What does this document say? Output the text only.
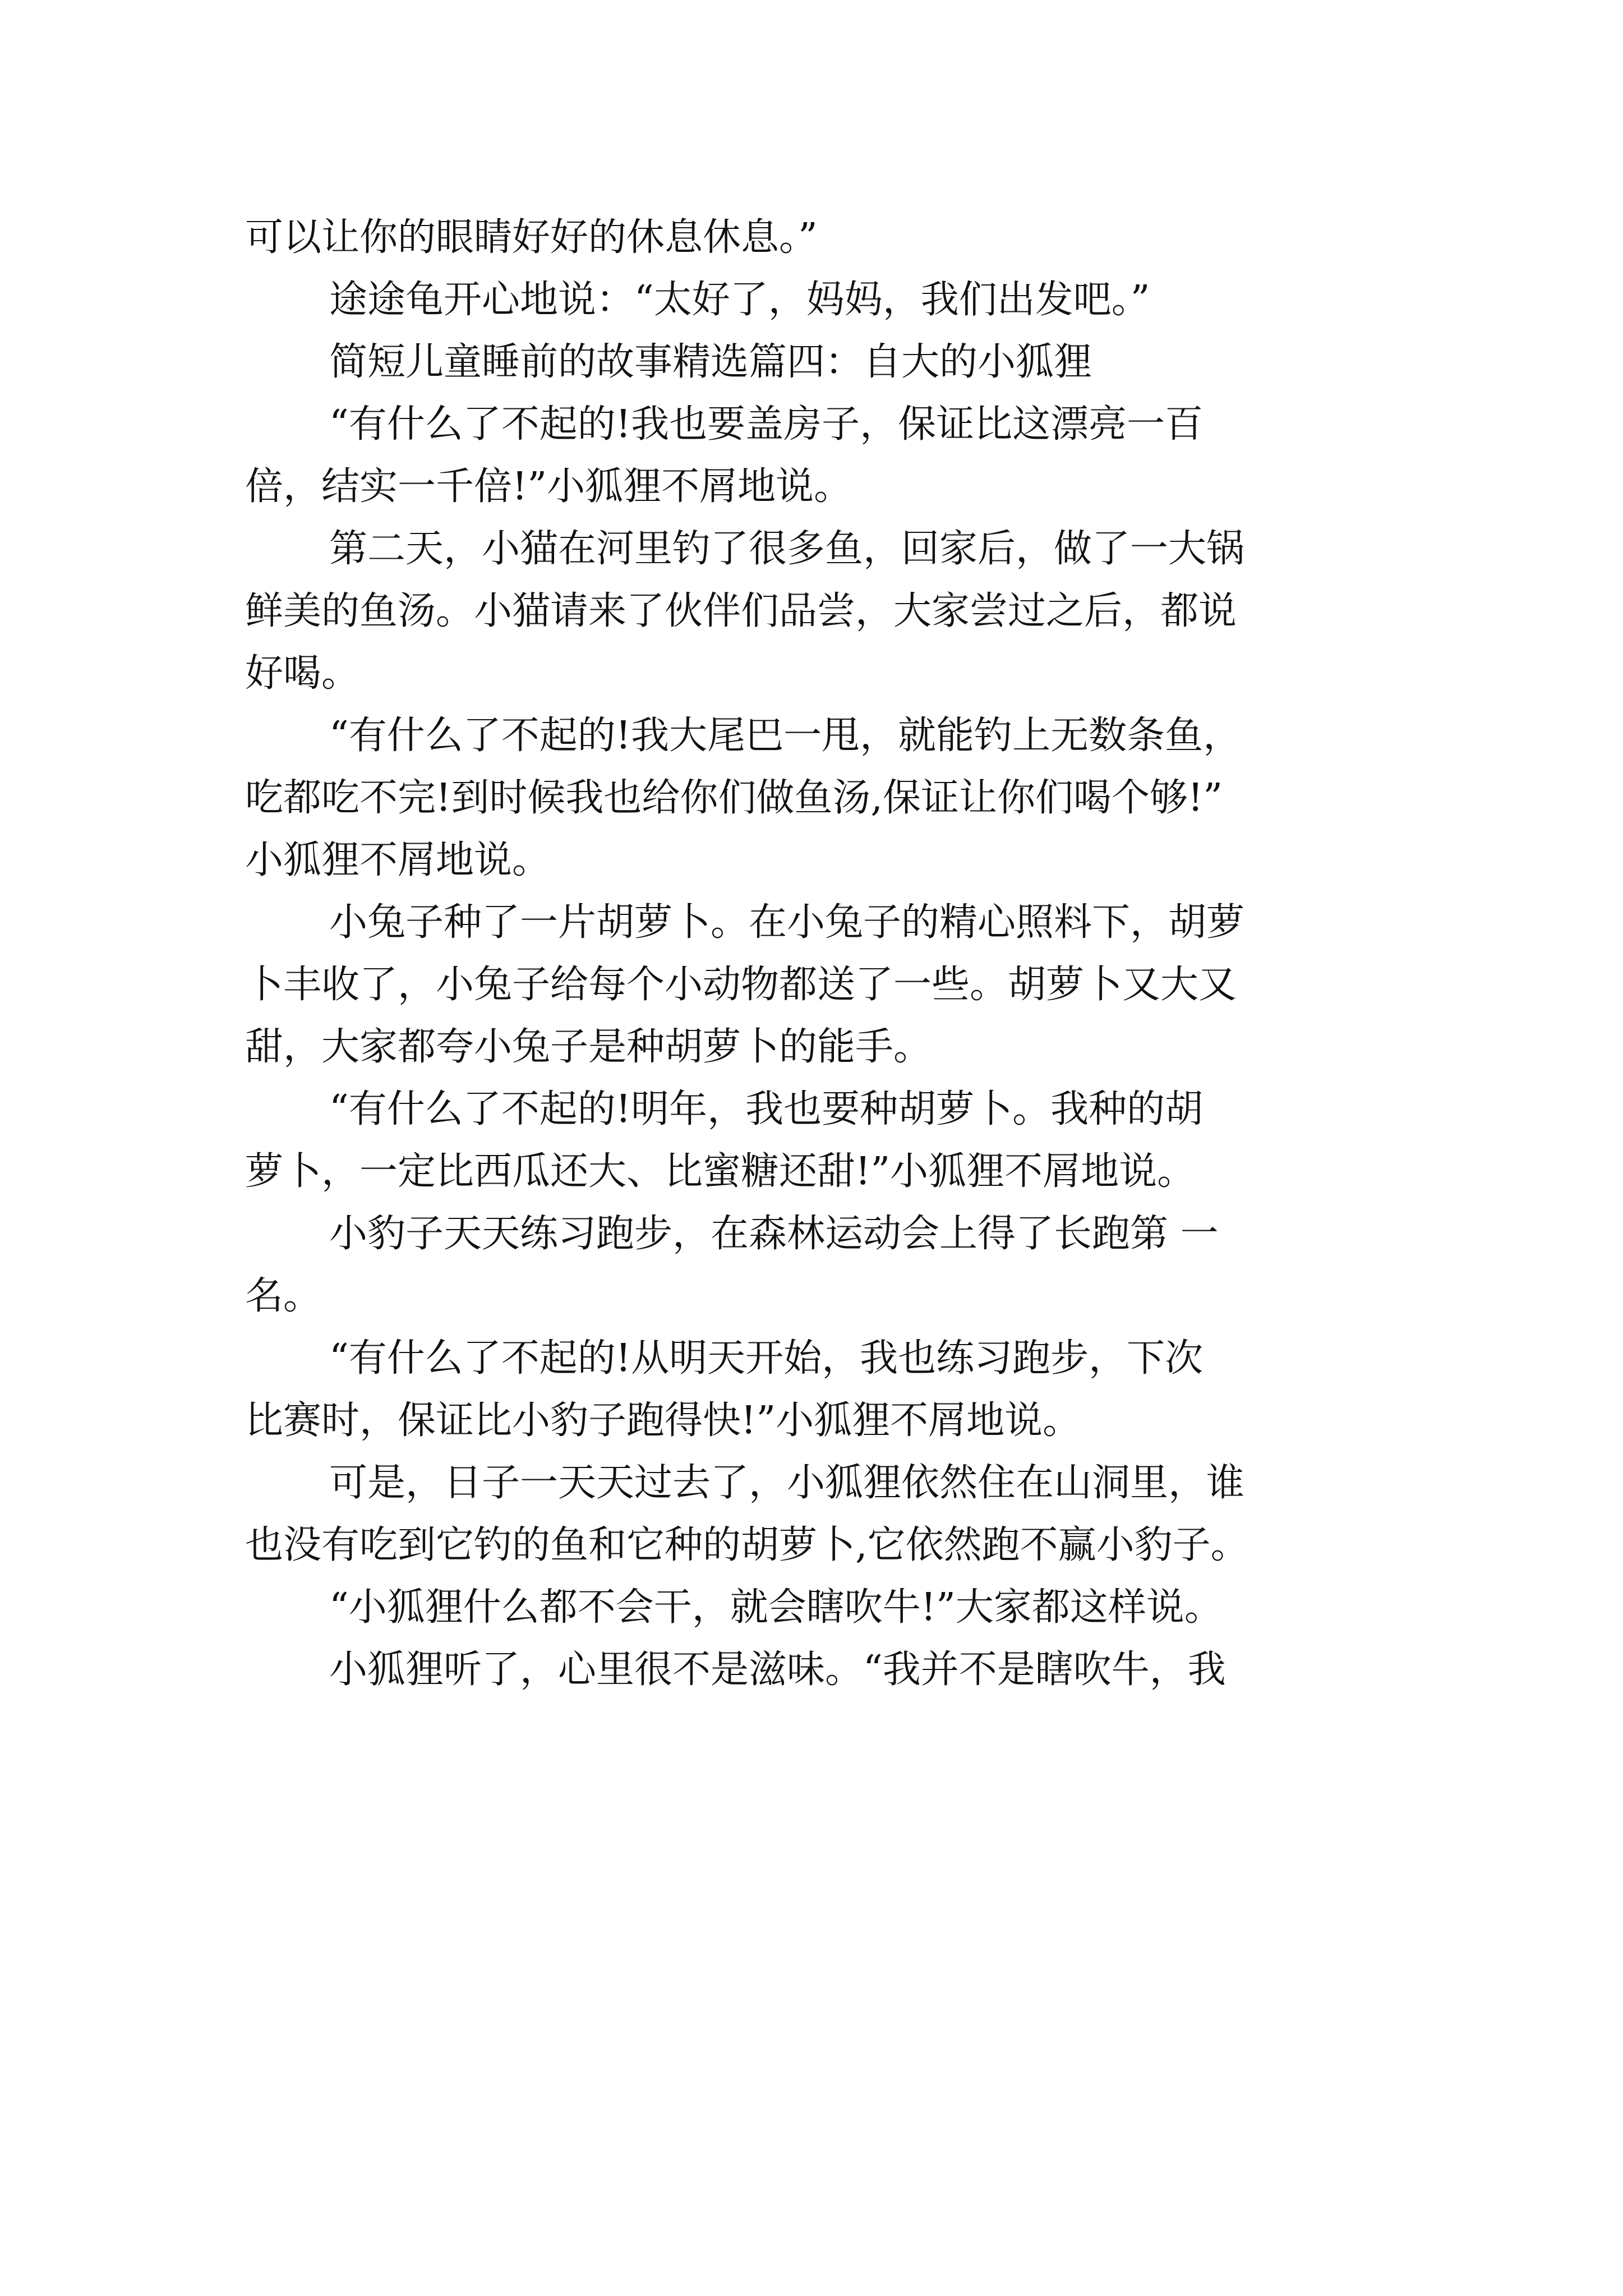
可以让你的眼睛好好的休息休息。”
途途龟开心地说：“太好了，妈妈，我们出发吧。”
简短儿童睡前的故事精选篇四：自大的小狐狸
“有什么了不起的!我也要盖房子，保证比这漂亮一百
倍，结实一千倍!”小狐狸不屑地说。
第二天，小猫在河里钓了很多鱼，回家后，做了一大锅
鲜美的鱼汤。小猫请来了伙伴们品尝，大家尝过之后，都说
好喝。
“有什么了不起的!我大尾巴一甩，就能钓上无数条鱼，
吃都吃不完!到时候我也给你们做鱼汤,保证让你们喝个够!”
小狐狸不屑地说。
小兔子种了一片胡萝卜。在小兔子的精心照料下，胡萝
卜丰收了，小兔子给每个小动物都送了一些。胡萝卜又大又
甜，大家都夸小兔子是种胡萝卜的能手。
“有什么了不起的!明年，我也要种胡萝卜。我种的胡
萝卜，一定比西瓜还大、比蜜糖还甜!”小狐狸不屑地说。
小豹子天天练习跑步，在森林运动会上得了长跑第 一
名。
“有什么了不起的!从明天开始，我也练习跑步，下次
比赛时，保证比小豹子跑得快!”小狐狸不屑地说。
可是，日子一天天过去了，小狐狸依然住在山洞里，谁
也没有吃到它钓的鱼和它种的胡萝卜,它依然跑不赢小豹子。
“小狐狸什么都不会干，就会瞎吹牛!”大家都这样说。
小狐狸听了，心里很不是滋味。“我并不是瞎吹牛，我
